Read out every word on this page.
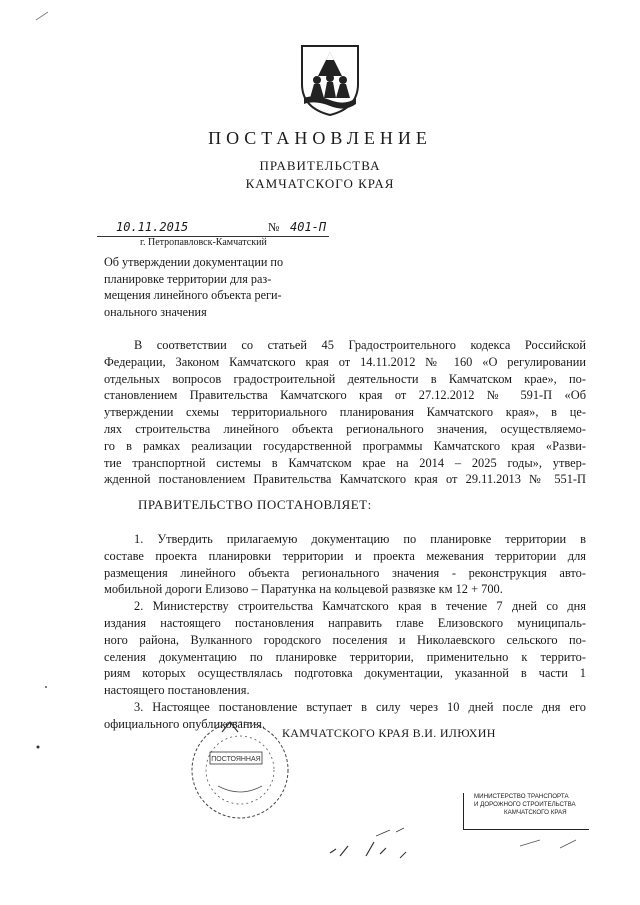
ПОСТАНОВЛЕНИЕ
ПРАВИТЕЛЬСТВА
КАМЧАТСКОГО КРАЯ
10.11.2015	№ 401-П
г. Петропавловск-Камчатский
Об утверждении документации по
планировке территории для раз-
мещения линейного объекта реги-
онального значения
В соответствии со статьей 45 Градостроительного кодекса Российской
Федерации, Законом Камчатского края от 14.11.2012 № 160 «О регулировании
отдельных вопросов градостроительной деятельности в Камчатском крае», по-
становлением Правительства Камчатского края от 27.12.2012 № 591-П «Об
утверждении схемы территориального планирования Камчатского края», в це-
лях строительства линейного объекта регионального значения, осуществляемо-
го в рамках реализации государственной программы Камчатского края «Разви-
тие транспортной системы в Камчатском крае на 2014 – 2025 годы», утвер-
жденной постановлением Правительства Камчатского края от 29.11.2013 № 551-П
ПРАВИТЕЛЬСТВО ПОСТАНОВЛЯЕТ:
1. Утвердить прилагаемую документацию по планировке территории в
составе проекта планировки территории и проекта межевания территории для
размещения линейного объекта регионального значения - реконструкция авто-
мобильной дороги Елизово – Паратунка на кольцевой развязке км 12 + 700.
2. Министерству строительства Камчатского края в течение 7 дней со дня
издания настоящего постановления направить главе Елизовского муниципаль-
ного района, Вулканного городского поселения и Николаевского сельского по-
селения документацию по планировке территории, применительно к террито-
риям которых осуществлялась подготовка документации, указанной в части 1
настоящего постановления.
3. Настоящее постановление вступает в силу через 10 дней после дня его
официального опубликования.
ПОСТОЯННАЯ
КАМЧАТСКОГО КРАЯ В.И. ИЛЮХИН
МИНИСТЕРСТВО ТРАНСПОРТА
И ДОРОЖНОГО СТРОИТЕЛЬСТВА
КАМЧАТСКОГО КРАЯ
